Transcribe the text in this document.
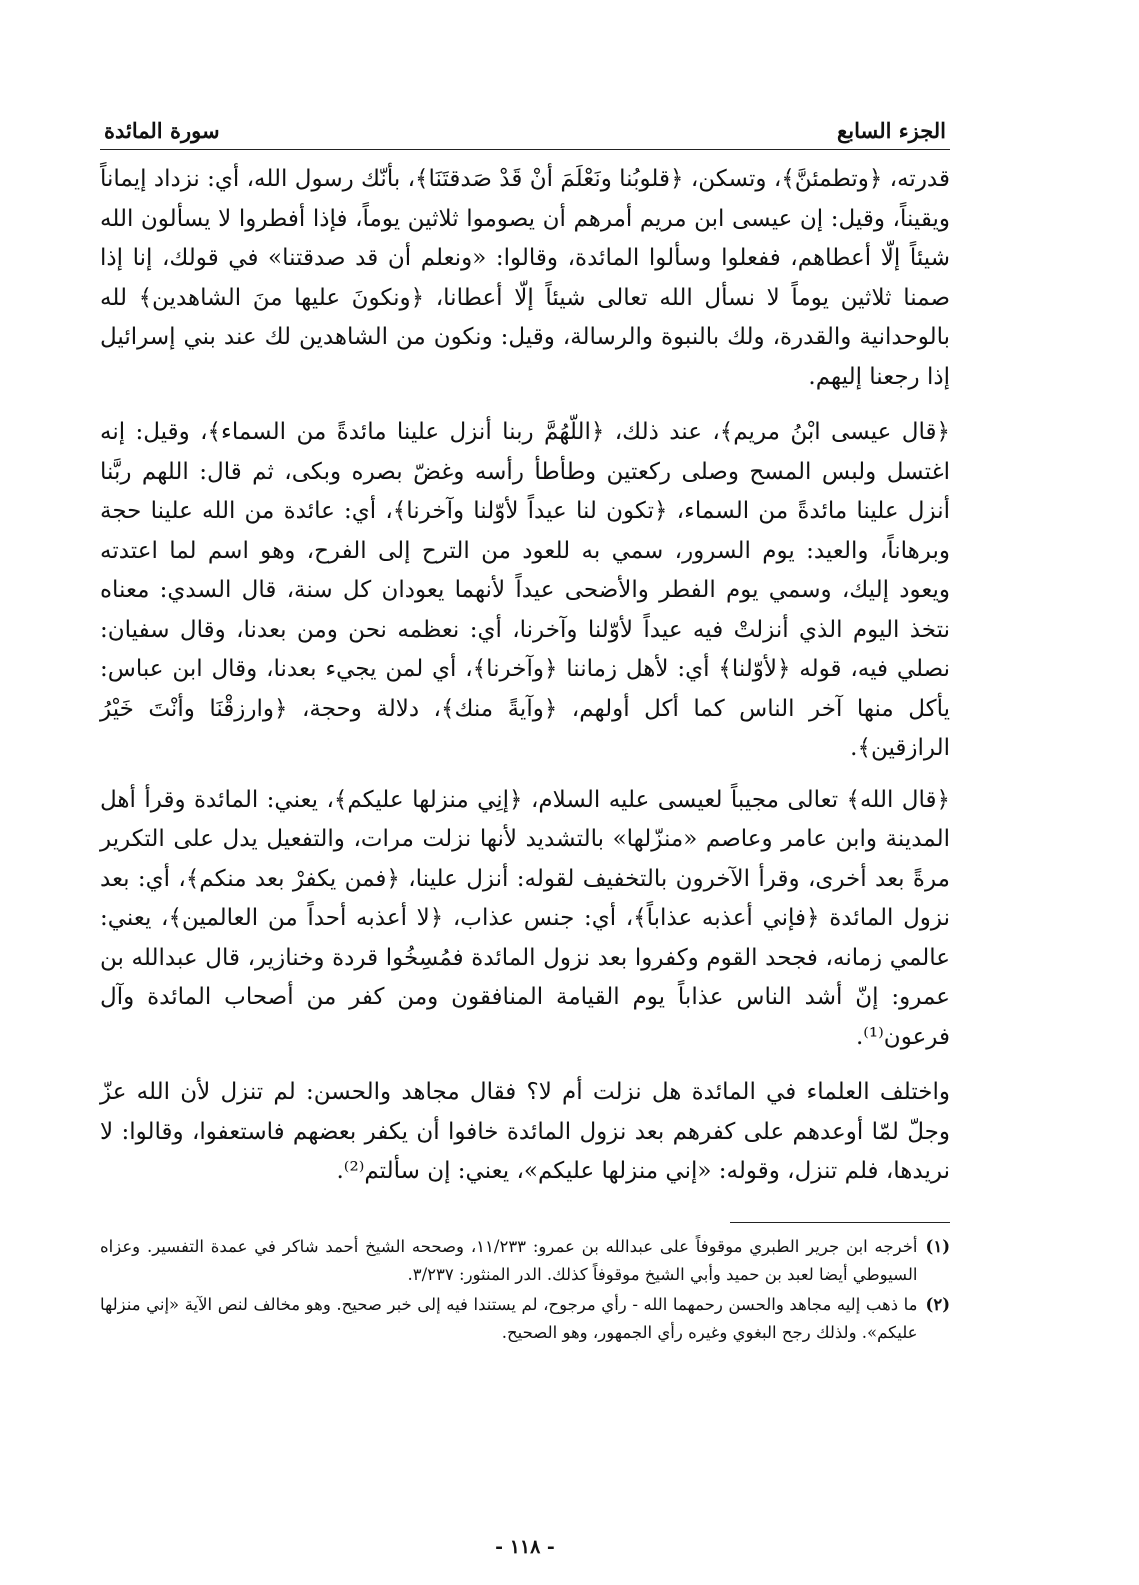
الجزء السابع
سورة المائدة

قدرته، ﴿وتطمئنَّ﴾، وتسكن، ﴿قلوبُنا ونَعْلَمَ أنْ قَدْ صَدقتَنَا﴾، بأنّك رسول الله، أي: نزداد إيماناً ويقيناً، وقيل: إن عيسى ابن مريم أمرهم أن يصوموا ثلاثين يوماً، فإذا أفطروا لا يسألون الله شيئاً إلّا أعطاهم، ففعلوا وسألوا المائدة، وقالوا: «ونعلم أن قد صدقتنا» في قولك، إنا إذا صمنا ثلاثين يوماً لا نسأل الله تعالى شيئاً إلّا أعطانا، ﴿ونكونَ عليها منَ الشاهدين﴾ لله بالوحدانية والقدرة، ولك بالنبوة والرسالة، وقيل: ونكون من الشاهدين لك عند بني إسرائيل إذا رجعنا إليهم.

﴿قال عيسى ابْنُ مريم﴾، عند ذلك، ﴿اللّهُمَّ ربنا أنزل علينا مائدةً من السماء﴾، وقيل: إنه اغتسل ولبس المسح وصلى ركعتين وطأطأ رأسه وغضّ بصره وبكى، ثم قال: اللهم ربَّنا أنزل علينا مائدةً من السماء، ﴿تكون لنا عيداً لأوّلنا وآخرنا﴾، أي: عائدة من الله علينا حجة وبرهاناً، والعيد: يوم السرور، سمي به للعود من الترح إلى الفرح، وهو اسم لما اعتدته ويعود إليك، وسمي يوم الفطر والأضحى عيداً لأنهما يعودان كل سنة، قال السدي: معناه نتخذ اليوم الذي أنزلتْ فيه عيداً لأوّلنا وآخرنا، أي: نعظمه نحن ومن بعدنا، وقال سفيان: نصلي فيه، قوله ﴿لأوّلنا﴾ أي: لأهل زماننا ﴿وآخرنا﴾، أي لمن يجيء بعدنا، وقال ابن عباس: يأكل منها آخر الناس كما أكل أولهم، ﴿وآيةً منك﴾، دلالة وحجة، ﴿وارزقْنَا وأنْتَ خَيْرُ الرازقين﴾.

﴿قال الله﴾ تعالى مجيباً لعيسى عليه السلام، ﴿إنِي منزلها عليكم﴾، يعني: المائدة وقرأ أهل المدينة وابن عامر وعاصم «منزّلها» بالتشديد لأنها نزلت مرات، والتفعيل يدل على التكرير مرةً بعد أخرى، وقرأ الآخرون بالتخفيف لقوله: أنزل علينا، ﴿فمن يكفرْ بعد منكم﴾، أي: بعد نزول المائدة ﴿فإني أعذبه عذاباً﴾، أي: جنس عذاب، ﴿لا أعذبه أحداً من العالمين﴾، يعني: عالمي زمانه، فجحد القوم وكفروا بعد نزول المائدة فمُسِخُوا قردة وخنازير، قال عبدالله بن عمرو: إنّ أشد الناس عذاباً يوم القيامة المنافقون ومن كفر من أصحاب المائدة وآل فرعون⁽¹⁾.

واختلف العلماء في المائدة هل نزلت أم لا؟ فقال مجاهد والحسن: لم تنزل لأن الله عزّ وجلّ لمّا أوعدهم على كفرهم بعد نزول المائدة خافوا أن يكفر بعضهم فاستعفوا، وقالوا: لا نريدها، فلم تنزل، وقوله: «إني منزلها عليكم»، يعني: إن سألتم⁽²⁾.

(١)
أخرجه ابن جرير الطبري موقوفاً على عبدالله بن عمرو: ١١/٢٣٣، وصححه الشيخ أحمد شاكر في عمدة التفسير. وعزاه السيوطي أيضا لعبد بن حميد وأبي الشيخ موقوفاً كذلك. الدر المنثور: ٣/٢٣٧.
(٢)
ما ذهب إليه مجاهد والحسن رحمهما الله - رأي مرجوح، لم يستندا فيه إلى خبر صحيح. وهو مخالف لنص الآية «إني منزلها عليكم». ولذلك رجح البغوي وغيره رأي الجمهور، وهو الصحيح.
- ١١٨ -
